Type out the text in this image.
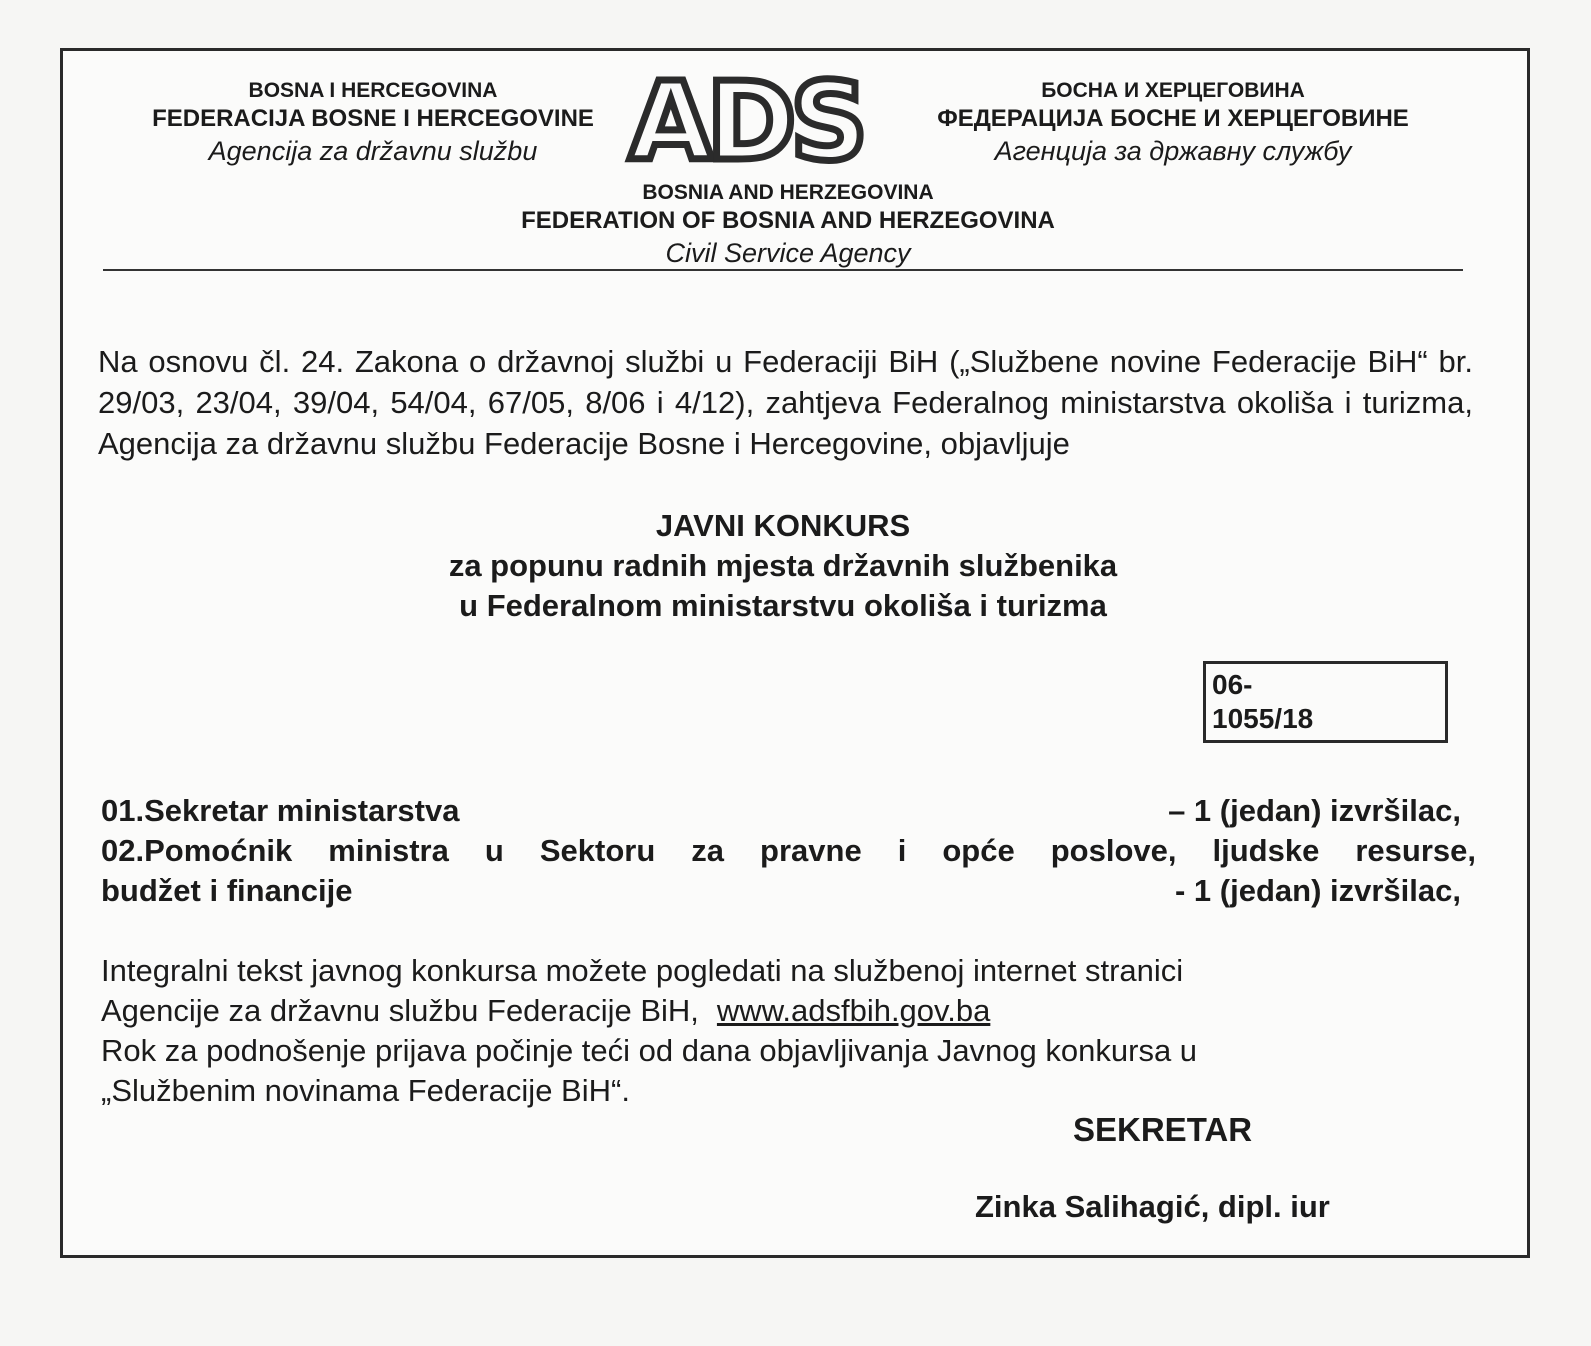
BOSNA I HERCEGOVINA
FEDERACIJA BOSNE I HERCEGOVINE
Agencija za državnu službu ADS	БОСНА И ХЕРЦЕГОВИНА
ФЕДЕРАЦИЈА БОСНЕ И ХЕРЦЕГОВИНЕ
Агенција за државну службу
BOSNIA AND HERZEGOVINA
FEDERATION OF BOSNIA AND HERZEGOVINA
Civil Service Agency
Na osnovu čl. 24. Zakona o državnoj službi u Federaciji BiH („Službene novine Federacije BiH“ br. 29/03, 23/04, 39/04, 54/04, 67/05, 8/06 i 4/12), zahtjeva Federalnog ministarstva okoliša i turizma, Agencija za državnu službu Federacije Bosne i Hercegovine, objavljuje
JAVNI KONKURS
za popunu radnih mjesta državnih službenika
u Federalnom ministarstvu okoliša i turizma
06-
1055/18
01.Sekretar ministarstva	– 1 (jedan) izvršilac,
02.Pomoćnik ministra u Sektoru za pravne i opće poslove, ljudske resurse,
budžet i financije	- 1 (jedan) izvršilac,
Integralni tekst javnog konkursa možete pogledati na službenoj internet stranici
Agencije za državnu službu Federacije BiH, www.adsfbih.gov.ba
Rok za podnošenje prijava počinje teći od dana objavljivanja Javnog konkursa u
„Službenim novinama Federacije BiH“.
SEKRETAR
Zinka Salihagić, dipl. iur
